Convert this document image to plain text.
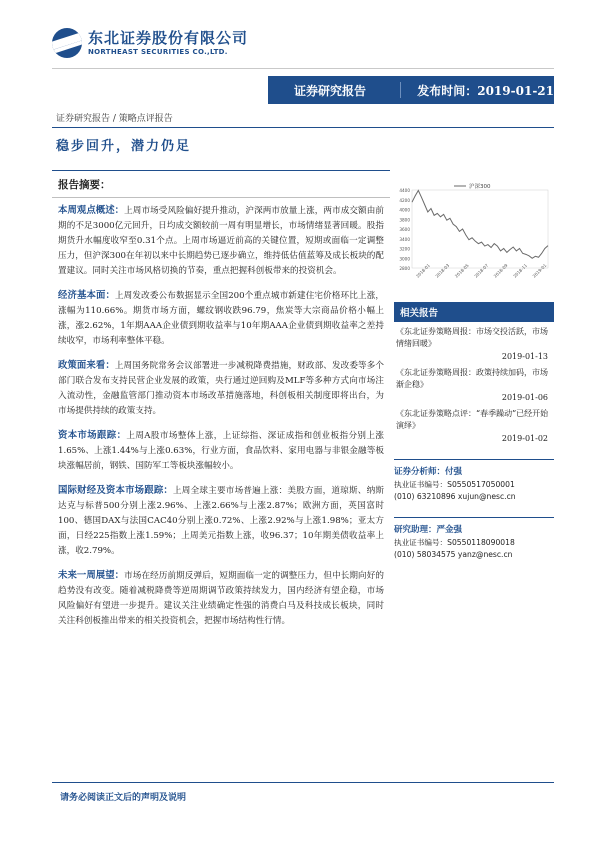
东北证券股份有限公司
NORTHEAST SECURITIES CO.,LTD.
证券研究报告	发布时间：2019-01-21
证券研究报告 / 策略点评报告
稳步回升，潜力仍足
报告摘要：
本周观点概述：上周市场受风险偏好提升推动，沪深两市放量上涨，两市成交额由前期的不足3000亿元回升，日均成交额较前一周有明显增长，市场情绪显著回暖。股指期货升水幅度收窄至0.31个点。上周市场逼近前高的关键位置，短期或面临一定调整压力，但沪深300在年初以来中长期趋势已逐步确立，维持低估值蓝筹及成长板块的配置建议。同时关注市场风格切换的节奏，重点把握科创板带来的投资机会。
经济基本面：上周发改委公布数据显示全国200个重点城市新建住宅价格环比上涨，涨幅为110.66%。期货市场方面，螺纹钢收跌96.79，焦炭等大宗商品价格小幅上涨，涨2.62%，1年期AAA企业债到期收益率与10年期AAA企业债到期收益率之差持续收窄，市场利率整体平稳。
政策面来看：上周国务院常务会议部署进一步减税降费措施，财政部、发改委等多个部门联合发布支持民营企业发展的政策，央行通过逆回购及MLF等多种方式向市场注入流动性，金融监管部门推动资本市场改革措施落地，科创板相关制度即将出台，为市场提供持续的政策支持。
资本市场跟踪：上周A股市场整体上涨，上证综指、深证成指和创业板指分别上涨1.65%、上涨1.44%与上涨0.63%，行业方面，食品饮料、家用电器与非银金融等板块涨幅居前，钢铁、国防军工等板块涨幅较小。
国际财经及资本市场跟踪：上周全球主要市场普遍上涨：美股方面，道琼斯、纳斯达克与标普500分别上涨2.96%、上涨2.66%与上涨2.87%；欧洲方面，英国富时100、德国DAX与法国CAC40分别上涨0.72%、上涨2.92%与上涨1.98%；亚太方面，日经225指数上涨1.59%；上周美元指数上涨，收96.37；10年期美债收益率上涨，收2.79%。
未来一周展望：市场在经历前期反弹后，短期面临一定的调整压力，但中长期向好的趋势没有改变。随着减税降费等逆周期调节政策持续发力，国内经济有望企稳，市场风险偏好有望进一步提升。建议关注业绩确定性强的消费白马及科技成长板块，同时关注科创板推出带来的相关投资机会，把握市场结构性行情。
2800
3000
3200
3400
3600
3800
4000
4200
4400
2018-01 2018-03 2018-05 2018-07 2018-09 2018-11 2019-01
沪深300
相关报告
《东北证券策略周报：市场交投活跃，市场情绪回暖》
2019-01-13
《东北证券策略周报：政策持续加码，市场渐企稳》
2019-01-06
《东北证券策略点评：“春季躁动”已经开始演绎》
2019-01-02
证券分析师：付强
执业证书编号：S0550517050001
(010) 63210896 xujun@nesc.cn
研究助理：严金强
执业证书编号：S0550118090018
(010) 58034575 yanz@nesc.cn
请务必阅读正文后的声明及说明
